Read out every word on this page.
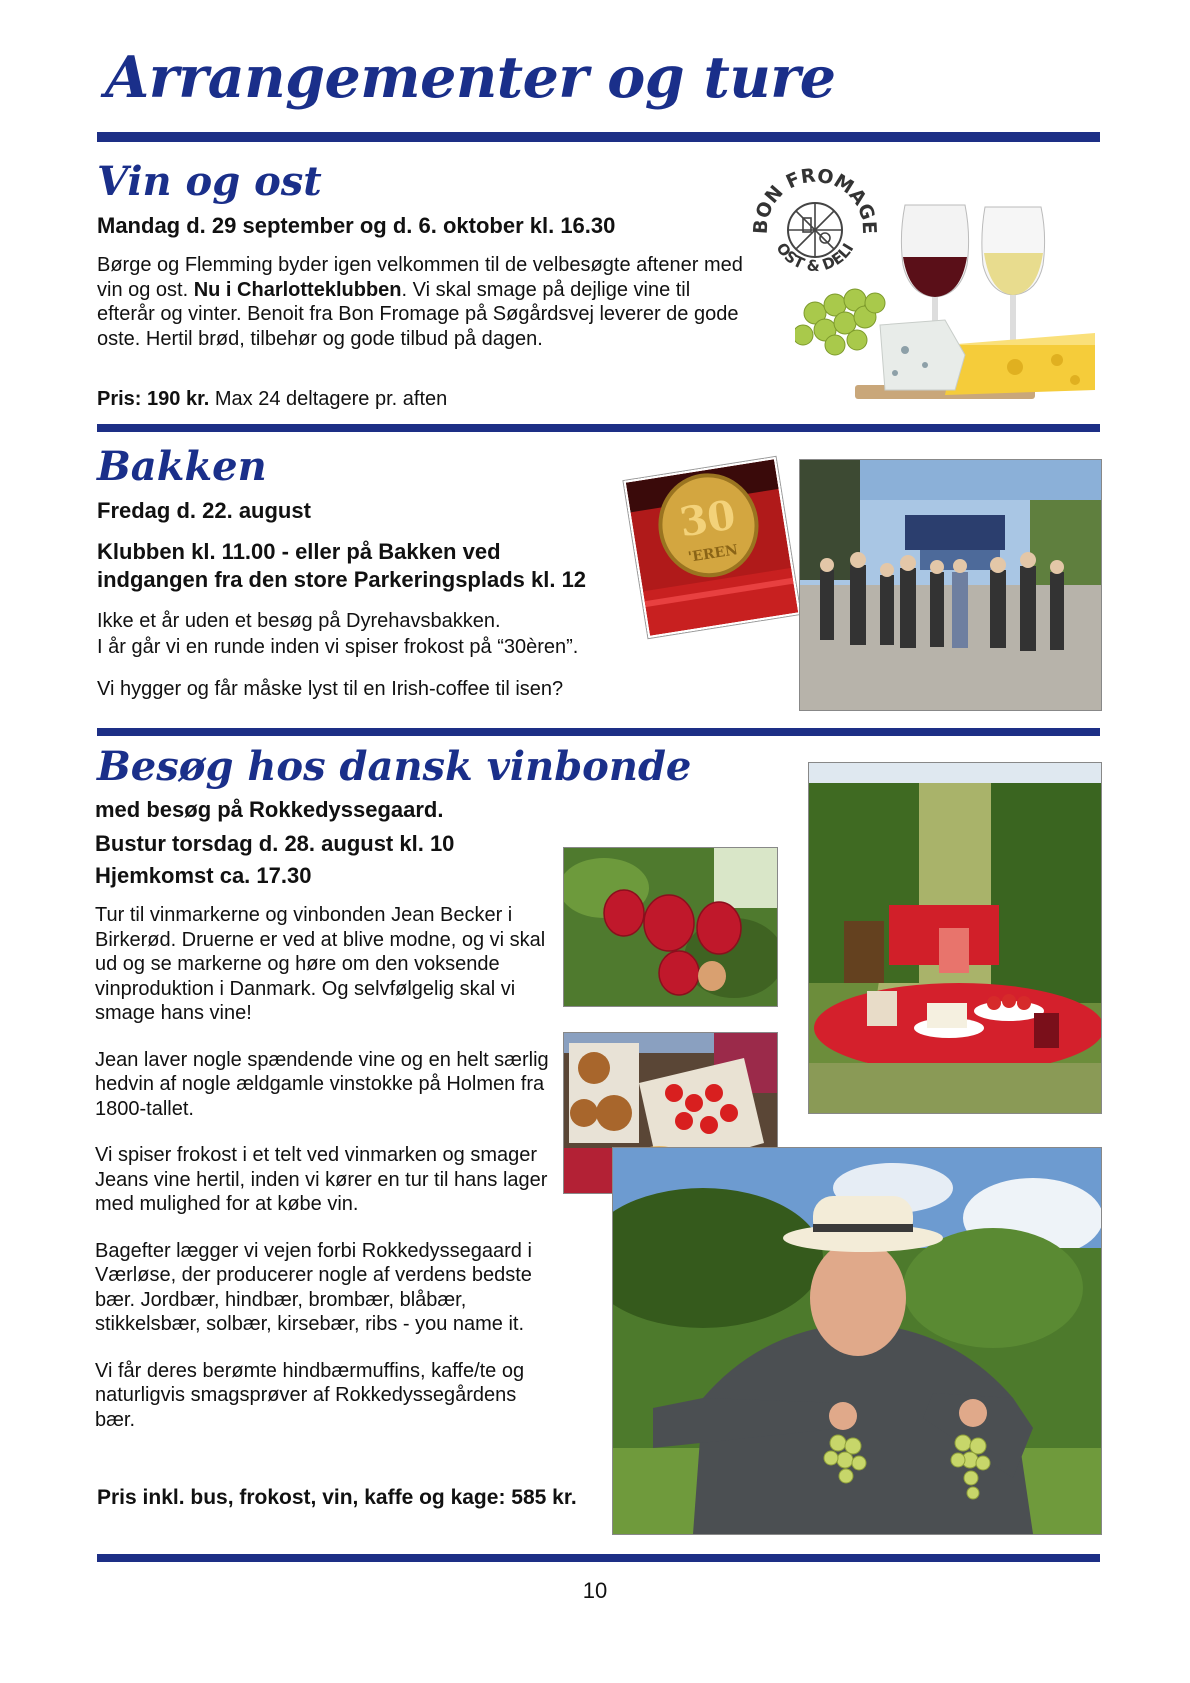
Arrangementer og ture
Vin og ost
Mandag d. 29 september og d. 6. oktober kl. 16.30

Børge og Flemming byder igen velkommen til de velbesøgte aftener med vin og ost. Nu i Charlotteklubben. Vi skal smage på dejlige vine til efterår og vinter. Benoit fra Bon Fromage på Søgårdsvej leverer de gode oste. Hertil brød, tilbehør og gode tilbud på dagen.

Pris: 190 kr. Max 24 deltagere pr. aften
BON FROMAGE
OST & DELI
Bakken
Fredag d. 22. august
Klubben kl. 11.00 - eller på Bakken ved
indgangen fra den store Parkeringsplads kl. 12
Ikke et år uden et besøg på Dyrehavsbakken.
I år går vi en runde inden vi spiser frokost på “30èren”.
Vi hygger og får måske lyst til en Irish-coffee til isen?
30
'EREN
Besøg hos dansk vinbonde
med besøg på Rokkedyssegaard.
Bustur torsdag d. 28. august kl. 10
Hjemkomst ca. 17.30

Tur til vinmarkerne og vinbonden Jean Becker i Birkerød. Druerne er ved at blive modne, og vi skal ud og se markerne og høre om den voksende vinproduktion i Danmark. Og selvfølgelig skal vi smage hans vine!

Jean laver nogle spændende vine og en helt særlig hedvin af nogle ældgamle vinstokke på Holmen fra 1800-tallet.

Vi spiser frokost i et telt ved vinmarken og smager Jeans vine hertil, inden vi kører en tur til hans lager med mulighed for at købe vin.

Bagefter lægger vi vejen forbi Rokkedyssegaard i Værløse, der producerer nogle af verdens bedste bær. Jordbær, hindbær, brombær, blåbær, stikkelsbær, solbær, kirsebær, ribs - you name it.

Vi får deres berømte hindbærmuffins, kaffe/te og naturligvis smagsprøver af Rokkedyssegårdens bær.

Pris inkl. bus, frokost, vin, kaffe og kage: 585 kr.
10
